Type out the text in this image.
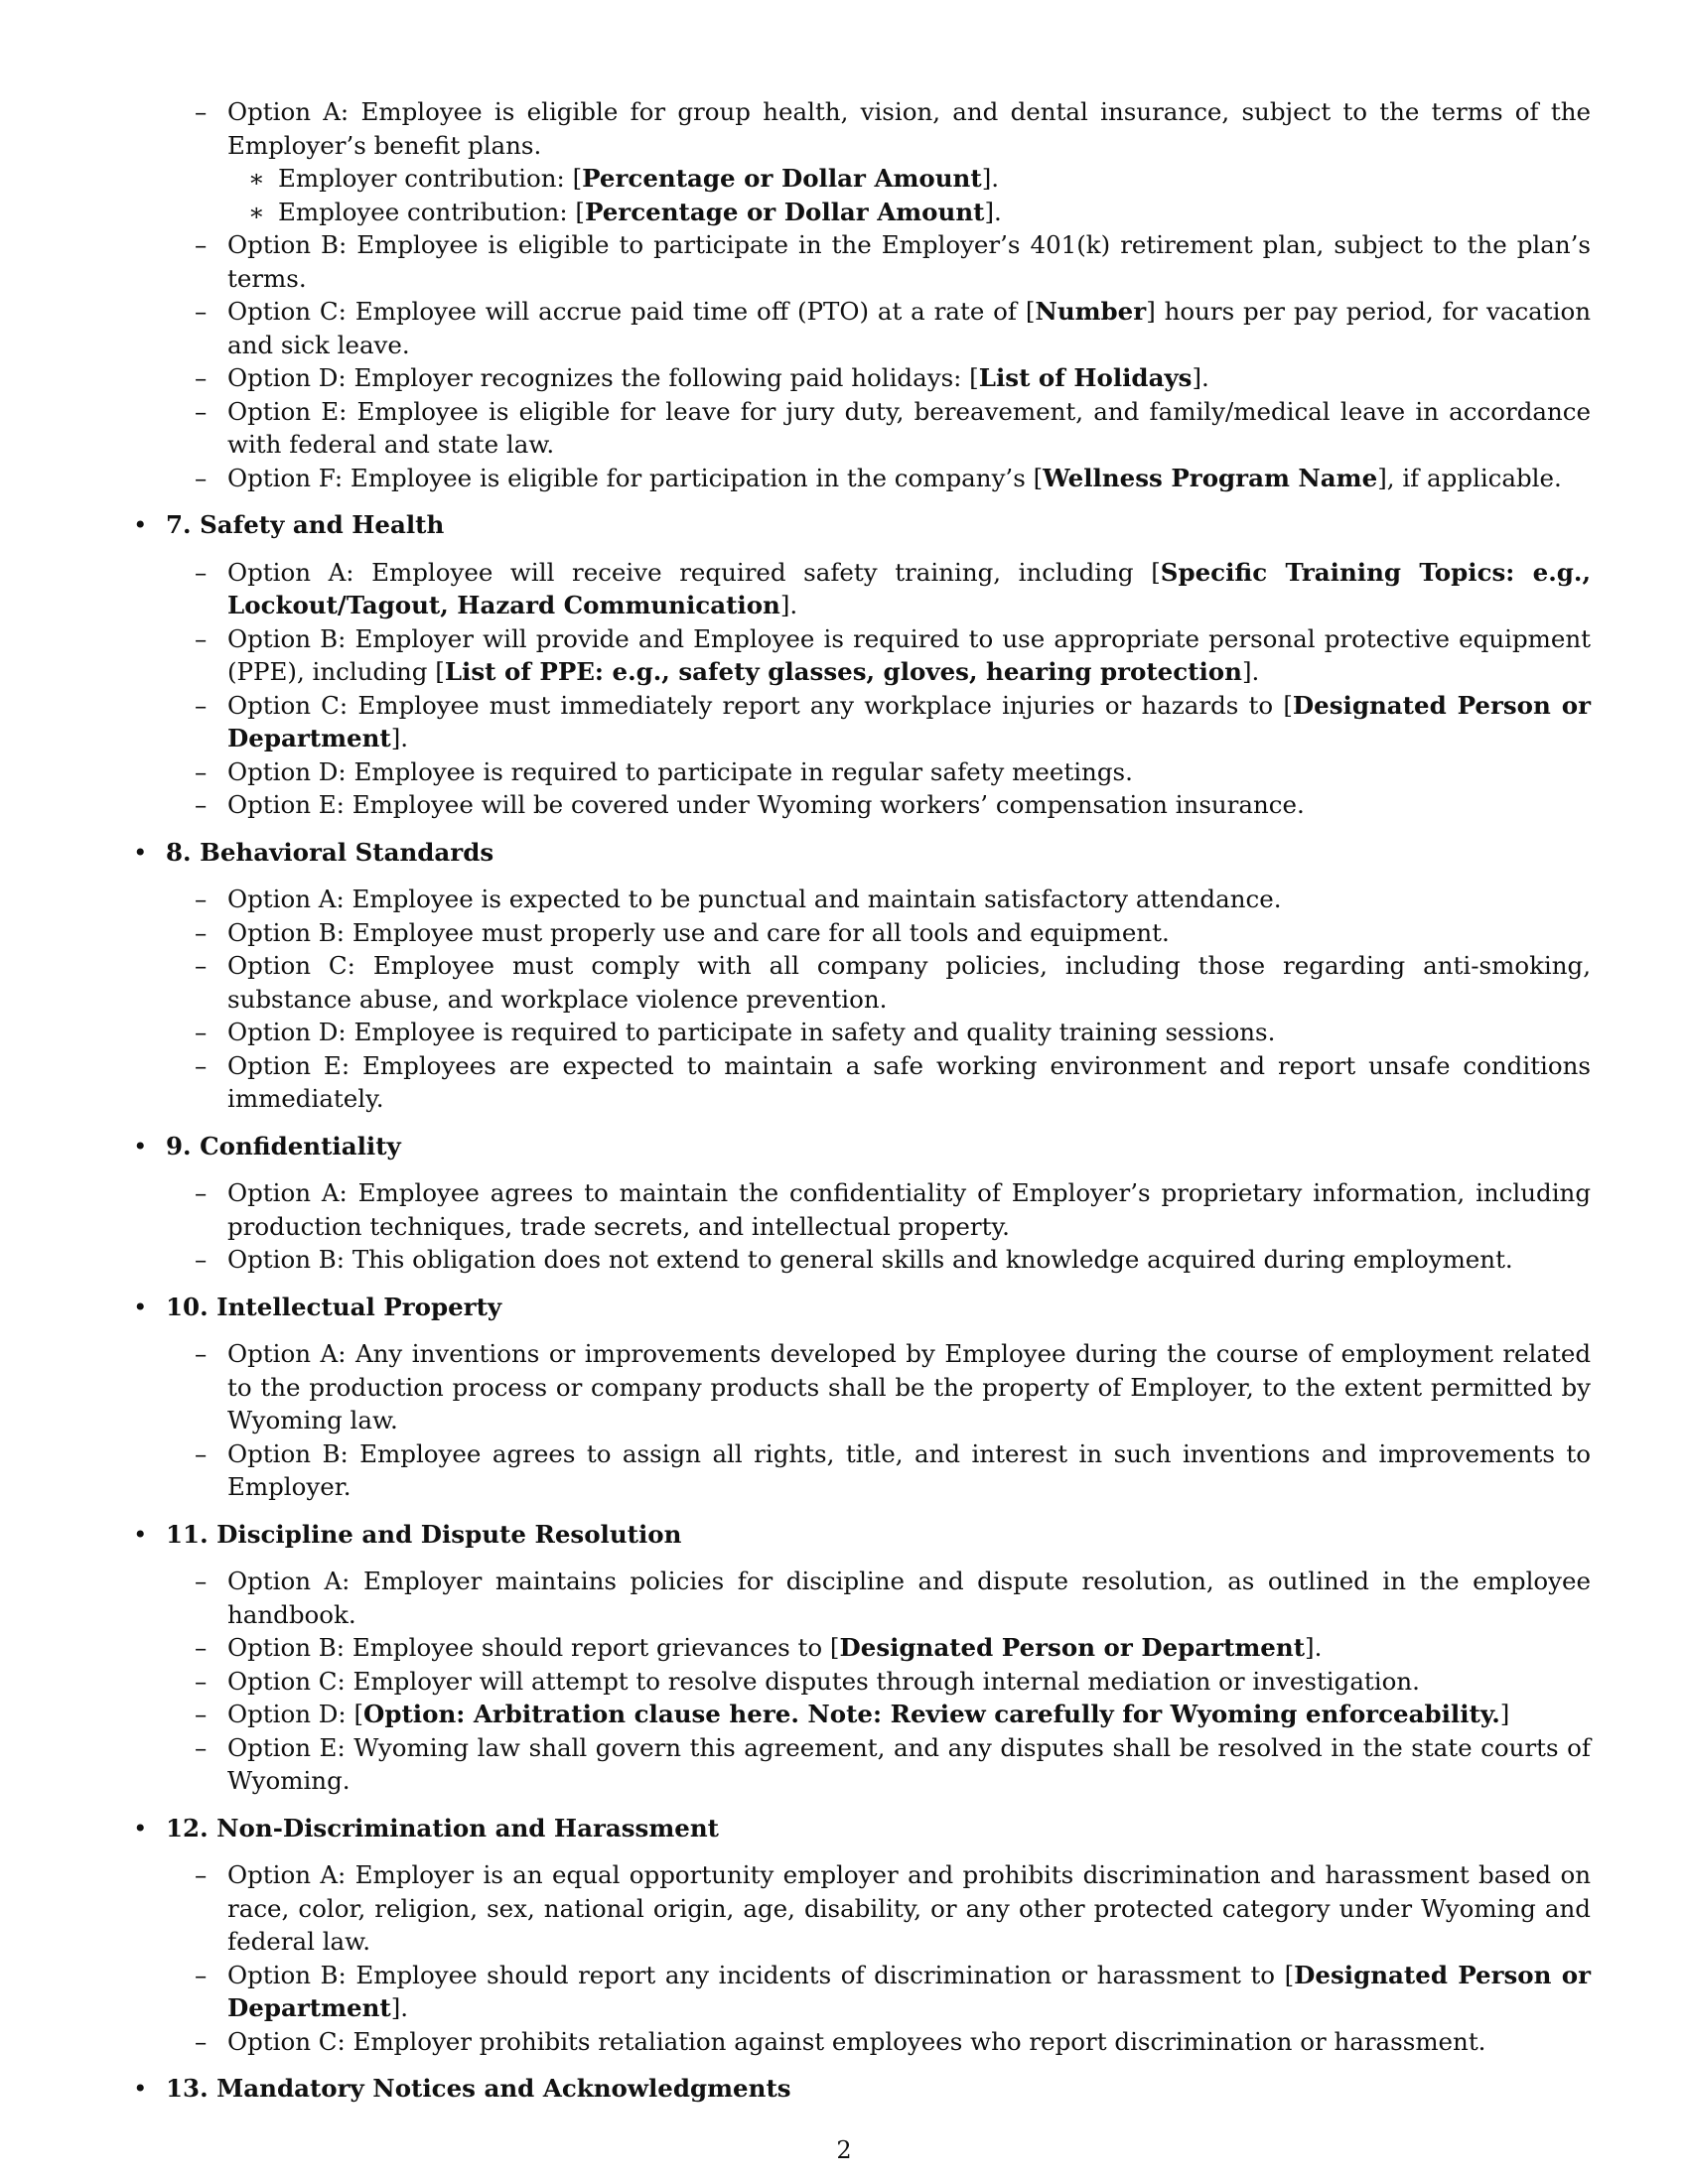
– Option A: Employee is eligible for group health, vision, and dental insurance, subject to the terms of the Employer’s benefit plans.
∗ Employer contribution: [Percentage or Dollar Amount].
∗ Employee contribution: [Percentage or Dollar Amount].
– Option B: Employee is eligible to participate in the Employer’s 401(k) retirement plan, subject to the plan’s terms.
– Option C: Employee will accrue paid time off (PTO) at a rate of [Number] hours per pay period, for vacation and sick leave.
– Option D: Employer recognizes the following paid holidays: [List of Holidays].
– Option E: Employee is eligible for leave for jury duty, bereavement, and family/medical leave in accordance with federal and state law.
– Option F: Employee is eligible for participation in the company’s [Wellness Program Name], if applicable.
• 7. Safety and Health
– Option A: Employee will receive required safety training, including [Specific Training Topics: e.g., Lockout/Tagout, Hazard Communication].
– Option B: Employer will provide and Employee is required to use appropriate personal protective equipment (PPE), including [List of PPE: e.g., safety glasses, gloves, hearing protection].
– Option C: Employee must immediately report any workplace injuries or hazards to [Designated Person or Department].
– Option D: Employee is required to participate in regular safety meetings.
– Option E: Employee will be covered under Wyoming workers’ compensation insurance.
• 8. Behavioral Standards
– Option A: Employee is expected to be punctual and maintain satisfactory attendance.
– Option B: Employee must properly use and care for all tools and equipment.
– Option C: Employee must comply with all company policies, including those regarding anti-smoking, substance abuse, and workplace violence prevention.
– Option D: Employee is required to participate in safety and quality training sessions.
– Option E: Employees are expected to maintain a safe working environment and report unsafe conditions immediately.
• 9. Confidentiality
– Option A: Employee agrees to maintain the confidentiality of Employer’s proprietary information, including production techniques, trade secrets, and intellectual property.
– Option B: This obligation does not extend to general skills and knowledge acquired during employment.
• 10. Intellectual Property
– Option A: Any inventions or improvements developed by Employee during the course of employment related to the production process or company products shall be the property of Employer, to the extent permitted by Wyoming law.
– Option B: Employee agrees to assign all rights, title, and interest in such inventions and improvements to Employer.
• 11. Discipline and Dispute Resolution
– Option A: Employer maintains policies for discipline and dispute resolution, as outlined in the employee handbook.
– Option B: Employee should report grievances to [Designated Person or Department].
– Option C: Employer will attempt to resolve disputes through internal mediation or investigation.
– Option D: [Option: Arbitration clause here. Note: Review carefully for Wyoming enforceability.]
– Option E: Wyoming law shall govern this agreement, and any disputes shall be resolved in the state courts of Wyoming.
• 12. Non-Discrimination and Harassment
– Option A: Employer is an equal opportunity employer and prohibits discrimination and harassment based on race, color, religion, sex, national origin, age, disability, or any other protected category under Wyoming and federal law.
– Option B: Employee should report any incidents of discrimination or harassment to [Designated Person or Department].
– Option C: Employer prohibits retaliation against employees who report discrimination or harassment.
• 13. Mandatory Notices and Acknowledgments
2
